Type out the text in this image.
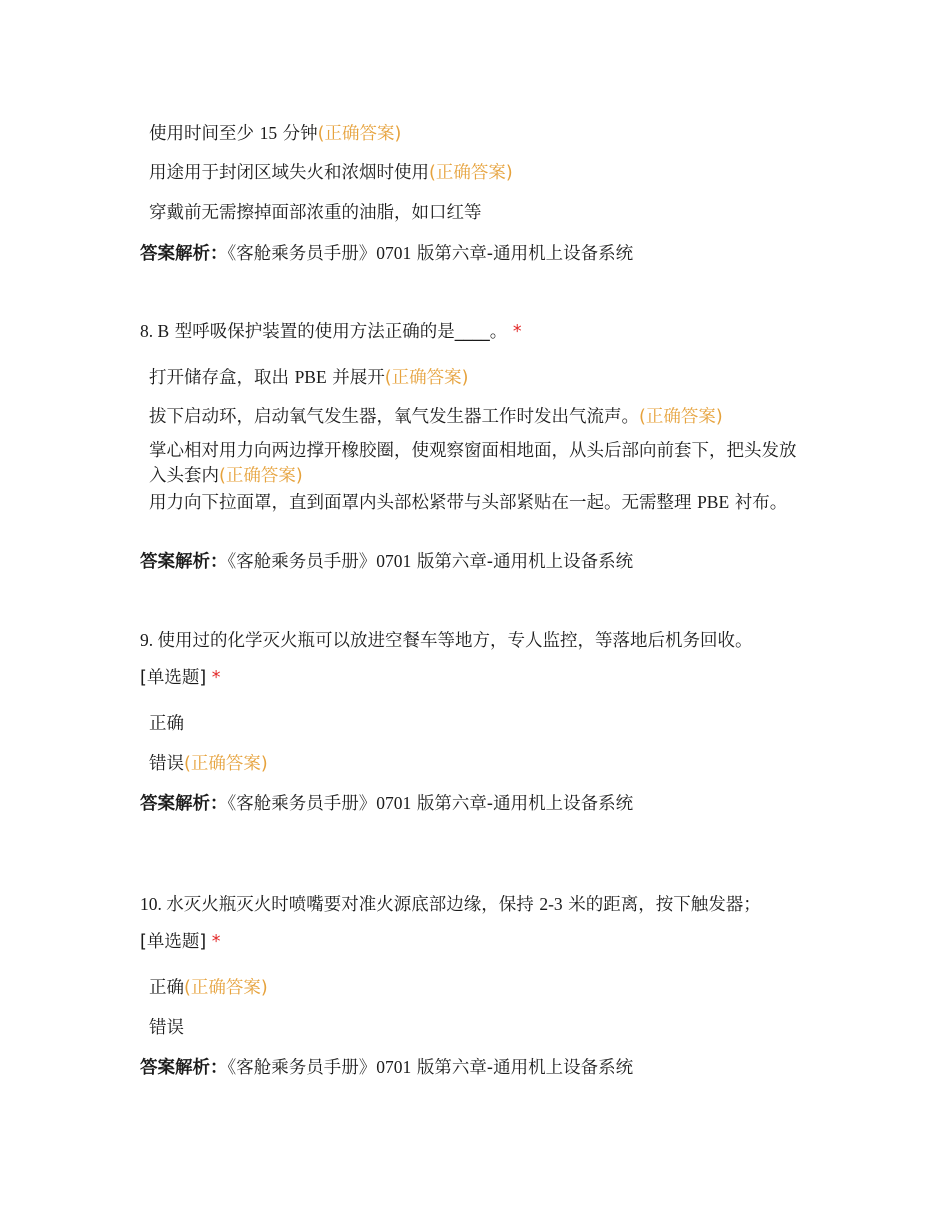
使用时间至少 15 分钟(正确答案)
用途用于封闭区域失火和浓烟时使用(正确答案)
穿戴前无需擦掉面部浓重的油脂，如口红等
答案解析：《客舱乘务员手册》0701 版第六章-通用机上设备系统
8. B 型呼吸保护装置的使用方法正确的是____。 *
打开储存盒，取出 PBE 并展开(正确答案)
拔下启动环，启动氧气发生器，氧气发生器工作时发出气流声。(正确答案)
掌心相对用力向两边撑开橡胶圈，使观察窗面相地面，从头后部向前套下，把头发放入头套内(正确答案)
用力向下拉面罩，直到面罩内头部松紧带与头部紧贴在一起。无需整理 PBE 衬布。
答案解析：《客舱乘务员手册》0701 版第六章-通用机上设备系统
9. 使用过的化学灭火瓶可以放进空餐车等地方，专人监控，等落地后机务回收。
[单选题] *
正确
错误(正确答案)
答案解析：《客舱乘务员手册》0701 版第六章-通用机上设备系统
10. 水灭火瓶灭火时喷嘴要对准火源底部边缘，保持 2-3 米的距离，按下触发器；
[单选题] *
正确(正确答案)
错误
答案解析：《客舱乘务员手册》0701 版第六章-通用机上设备系统
